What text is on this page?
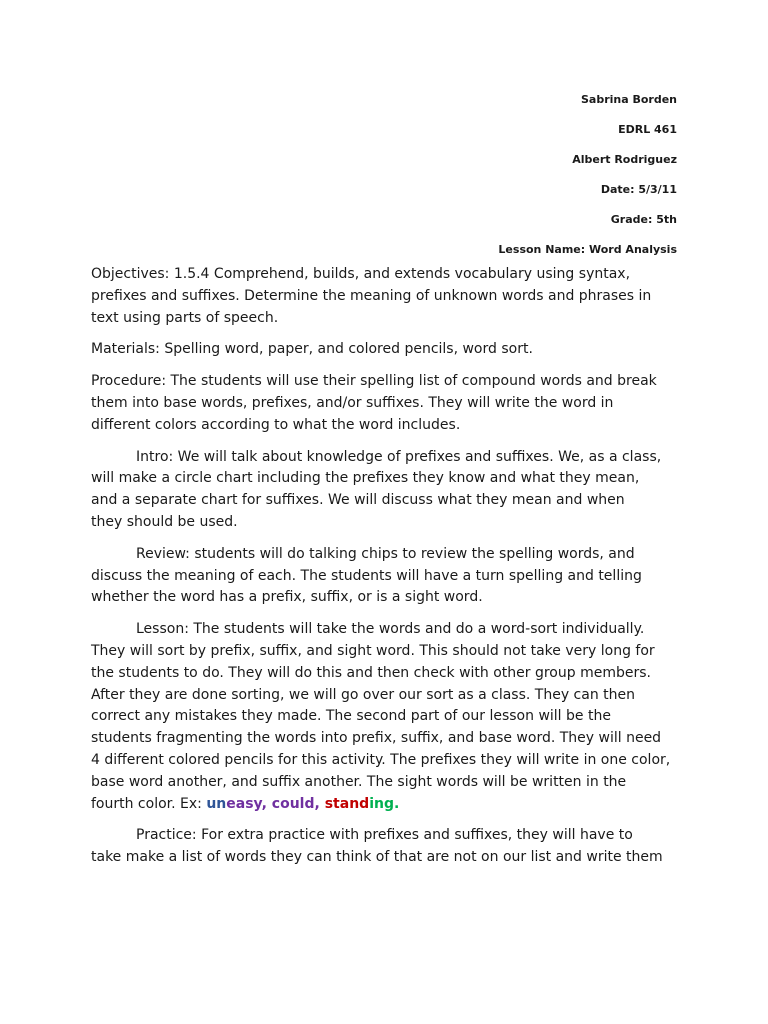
Sabrina Borden
EDRL 461
Albert Rodriguez
Date: 5/3/11
Grade: 5th
Lesson Name: Word Analysis
Objectives: 1.5.4 Comprehend, builds, and extends vocabulary using syntax,
prefixes and suffixes. Determine the meaning of unknown words and phrases in
text using parts of speech.
Materials: Spelling word, paper, and colored pencils, word sort.
Procedure: The students will use their spelling list of compound words and break
them into base words, prefixes, and/or suffixes. They will write the word in
different colors according to what the word includes.
Intro: We will talk about knowledge of prefixes and suffixes. We, as a class,
will make a circle chart including the prefixes they know and what they mean,
and a separate chart for suffixes. We will discuss what they mean and when
they should be used.
Review: students will do talking chips to review the spelling words, and
discuss the meaning of each. The students will have a turn spelling and telling
whether the word has a prefix, suffix, or is a sight word.
Lesson: The students will take the words and do a word-sort individually.
They will sort by prefix, suffix, and sight word. This should not take very long for
the students to do. They will do this and then check with other group members.
After they are done sorting, we will go over our sort as a class. They can then
correct any mistakes they made. The second part of our lesson will be the
students fragmenting the words into prefix, suffix, and base word. They will need
4 different colored pencils for this activity. The prefixes they will write in one color,
base word another, and suffix another. The sight words will be written in the
fourth color. Ex: uneasy, could, standing.
Practice: For extra practice with prefixes and suffixes, they will have to
take make a list of words they can think of that are not on our list and write them
